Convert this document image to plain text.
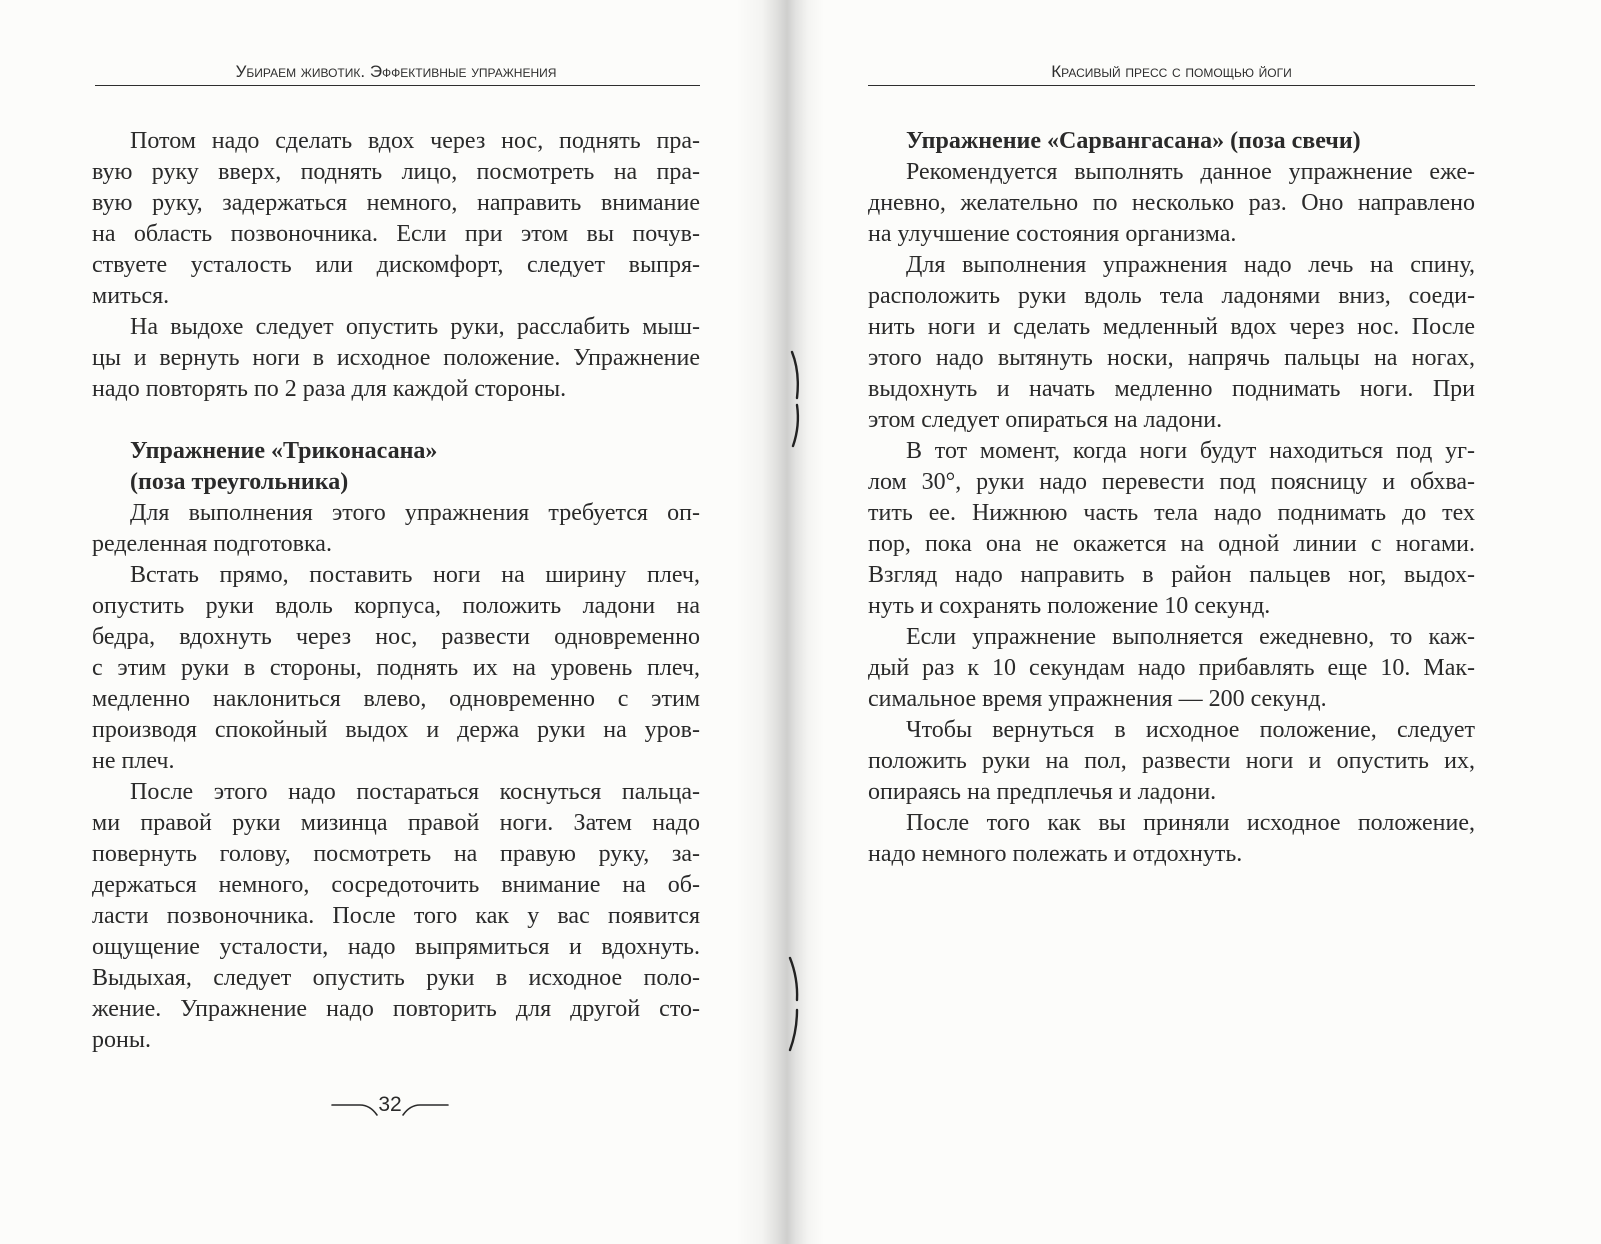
Убираем животик. Эффективные упражнения
Потом надо сделать вдох через нос, поднять пра-
вую руку вверх, поднять лицо, посмотреть на пра-
вую руку, задержаться немного, направить внимание
на область позвоночника. Если при этом вы почув-
ствуете усталость или дискомфорт, следует выпря-
миться.
На выдохе следует опустить руки, расслабить мыш-
цы и вернуть ноги в исходное положение. Упражнение
надо повторять по 2 раза для каждой стороны.
Упражнение «Триконасана»
(поза треугольника)
Для выполнения этого упражнения требуется оп-
ределенная подготовка.
Встать прямо, поставить ноги на ширину плеч,
опустить руки вдоль корпуса, положить ладони на
бедра, вдохнуть через нос, развести одновременно
с этим руки в стороны, поднять их на уровень плеч,
медленно наклониться влево, одновременно с этим
производя спокойный выдох и держа руки на уров-
не плеч.
После этого надо постараться коснуться пальца-
ми правой руки мизинца правой ноги. Затем надо
повернуть голову, посмотреть на правую руку, за-
держаться немного, сосредоточить внимание на об-
ласти позвоночника. После того как у вас появится
ощущение усталости, надо выпрямиться и вдохнуть.
Выдыхая, следует опустить руки в исходное поло-
жение. Упражнение надо повторить для другой сто-
роны.
32
Красивый пресс с помощью йоги
Упражнение «Сарвангасана» (поза свечи)
Рекомендуется выполнять данное упражнение еже-
дневно, желательно по несколько раз. Оно направлено
на улучшение состояния организма.
Для выполнения упражнения надо лечь на спину,
расположить руки вдоль тела ладонями вниз, соеди-
нить ноги и сделать медленный вдох через нос. После
этого надо вытянуть носки, напрячь пальцы на ногах,
выдохнуть и начать медленно поднимать ноги. При
этом следует опираться на ладони.
В тот момент, когда ноги будут находиться под уг-
лом 30°, руки надо перевести под поясницу и обхва-
тить ее. Нижнюю часть тела надо поднимать до тех
пор, пока она не окажется на одной линии с ногами.
Взгляд надо направить в район пальцев ног, выдох-
нуть и сохранять положение 10 секунд.
Если упражнение выполняется ежедневно, то каж-
дый раз к 10 секундам надо прибавлять еще 10. Мак-
симальное время упражнения — 200 секунд.
Чтобы вернуться в исходное положение, следует
положить руки на пол, развести ноги и опустить их,
опираясь на предплечья и ладони.
После того как вы приняли исходное положение,
надо немного полежать и отдохнуть.
